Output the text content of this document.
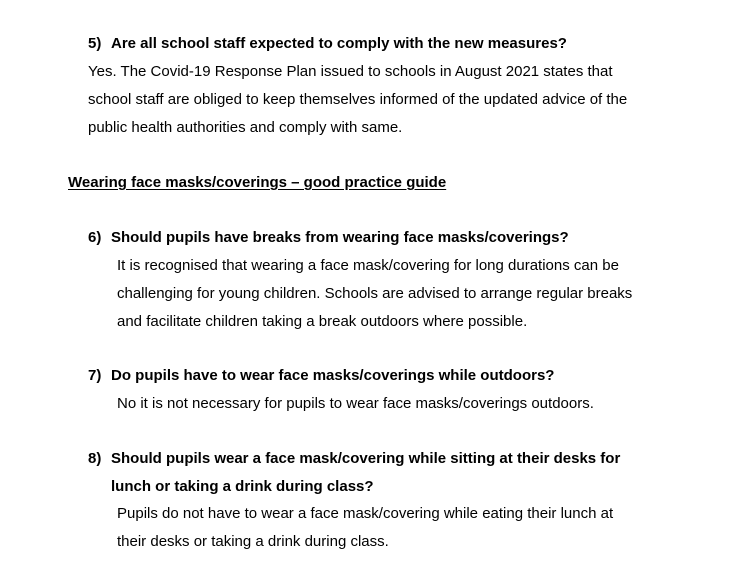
5) Are all school staff expected to comply with the new measures?
Yes. The Covid-19 Response Plan issued to schools in August 2021 states that
school staff are obliged to keep themselves informed of the updated advice of the
public health authorities and comply with same.
Wearing face masks/coverings – good practice guide
6) Should pupils have breaks from wearing face masks/coverings?
It is recognised that wearing a face mask/covering for long durations can be
challenging for young children. Schools are advised to arrange regular breaks
and facilitate children taking a break outdoors where possible.
7) Do pupils have to wear face masks/coverings while outdoors?
No it is not necessary for pupils to wear face masks/coverings outdoors.
8) Should pupils wear a face mask/covering while sitting at their desks for
lunch or taking a drink during class?
Pupils do not have to wear a face mask/covering while eating their lunch at
their desks or taking a drink during class.
